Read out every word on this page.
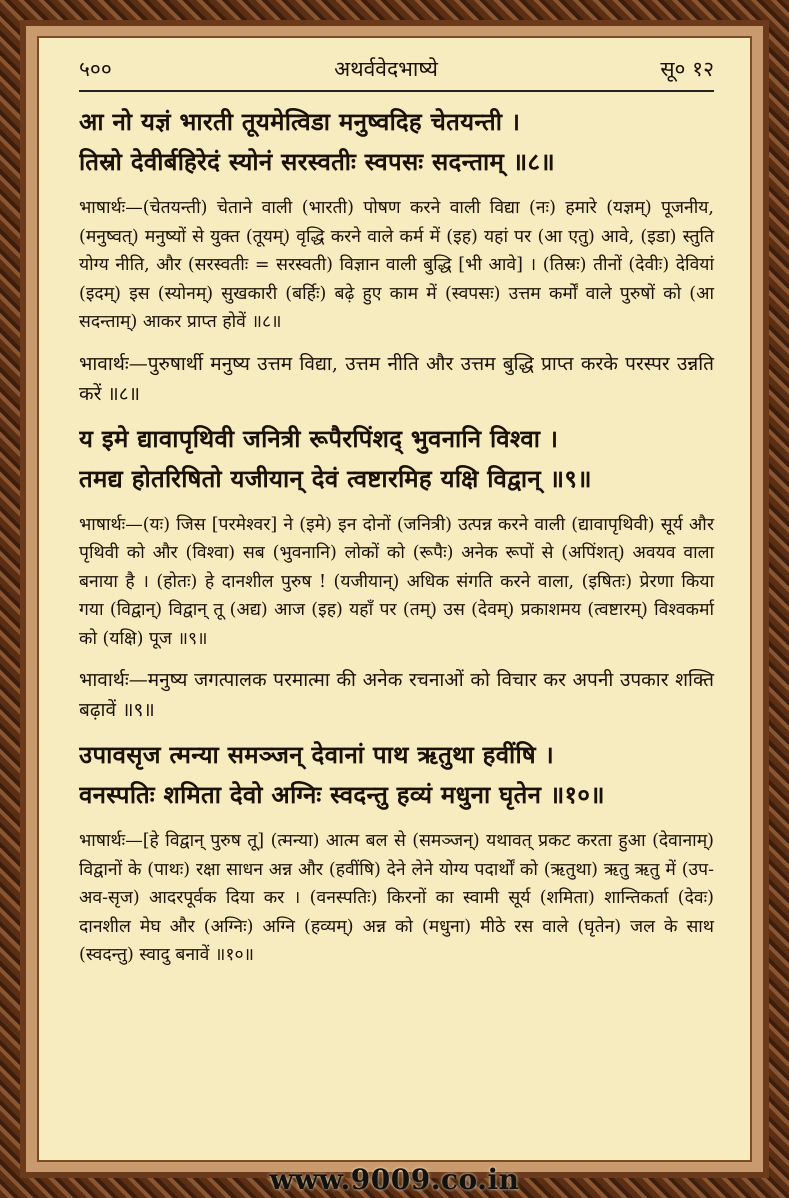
५००	अथर्ववेदभाष्ये	सू० १२
आ नो यज्ञं भारती तूयमेत्विडा मनुष्वदिह चेतयन्ती ।
तिस्रो देवीर्बहिरेदं स्योनं सरस्वतीः स्वपसः सदन्ताम् ॥८॥

भाषार्थः—(चेतयन्ती) चेताने वाली (भारती) पोषण करने वाली विद्या (नः) हमारे (यज्ञम्) पूजनीय, (मनुष्वत्) मनुष्यों से युक्त (तूयम्) वृद्धि करने वाले कर्म में (इह) यहां पर (आ एतु) आवे, (इडा) स्तुति योग्य नीति, और (सरस्वतीः = सरस्वती) विज्ञान वाली बुद्धि [भी आवे] । (तिस्रः) तीनों (देवीः) देवियां (इदम्) इस (स्योनम्) सुखकारी (बर्हिः) बढ़े हुए काम में (स्वपसः) उत्तम कर्मों वाले पुरुषों को (आ सदन्ताम्) आकर प्राप्त होवें ॥८॥

भावार्थः—पुरुषार्थी मनुष्य उत्तम विद्या, उत्तम नीति और उत्तम बुद्धि प्राप्त करके परस्पर उन्नति करें ॥८॥

य इमे द्यावापृथिवी जनित्री रूपैरपिंशद् भुवनानि विश्वा ।
तमद्य होतरिषितो यजीयान् देवं त्वष्टारमिह यक्षि विद्वान् ॥९॥

भाषार्थः—(यः) जिस [परमेश्वर] ने (इमे) इन दोनों (जनित्री) उत्पन्न करने वाली (द्यावापृथिवी) सूर्य और पृथिवी को और (विश्वा) सब (भुवनानि) लोकों को (रूपैः) अनेक रूपों से (अपिंशत्) अवयव वाला बनाया है । (होतः) हे दानशील पुरुष ! (यजीयान्) अधिक संगति करने वाला, (इषितः) प्रेरणा किया गया (विद्वान्) विद्वान् तू (अद्य) आज (इह) यहाँ पर (तम्) उस (देवम्) प्रकाशमय (त्वष्टारम्) विश्वकर्मा को (यक्षि) पूज ॥९॥

भावार्थः—मनुष्य जगत्पालक परमात्मा की अनेक रचनाओं को विचार कर अपनी उपकार शक्ति बढ़ावें ॥९॥

उपावसृज त्मन्या समञ्जन् देवानां पाथ ऋतुथा हवींषि ।
वनस्पतिः शमिता देवो अग्निः स्वदन्तु हव्यं मधुना घृतेन ॥१०॥

भाषार्थः—[हे विद्वान् पुरुष तू] (त्मन्या) आत्म बल से (समञ्जन्) यथावत् प्रकट करता हुआ (देवानाम्) विद्वानों के (पाथः) रक्षा साधन अन्न और (हवींषि) देने लेने योग्य पदार्थों को (ऋतुथा) ऋतु ऋतु में (उप-अव-सृज) आदरपूर्वक दिया कर । (वनस्पतिः) किरनों का स्वामी सूर्य (शमिता) शान्तिकर्ता (देवः) दानशील मेघ और (अग्निः) अग्नि (हव्यम्) अन्न को (मधुना) मीठे रस वाले (घृतेन) जल के साथ (स्वदन्तु) स्वादु बनावें ॥१०॥

www.9009.co.in
